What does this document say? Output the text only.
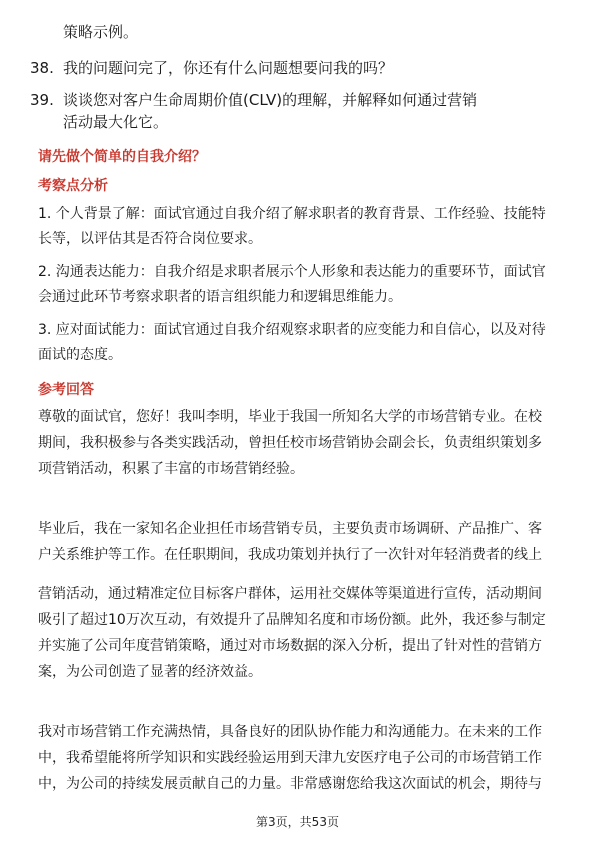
策略示例。
38. 我的问题问完了，你还有什么问题想要问我的吗？
39. 谈谈您对客户生命周期价值(CLV)的理解，并解释如何通过营销
活动最大化它。
请先做个简单的自我介绍？
考察点分析
1. 个人背景了解：面试官通过自我介绍了解求职者的教育背景、工作经验、技能特
长等，以评估其是否符合岗位要求。
2. 沟通表达能力：自我介绍是求职者展示个人形象和表达能力的重要环节，面试官
会通过此环节考察求职者的语言组织能力和逻辑思维能力。
3. 应对面试能力：面试官通过自我介绍观察求职者的应变能力和自信心，以及对待
面试的态度。
参考回答
尊敬的面试官，您好！我叫李明，毕业于我国一所知名大学的市场营销专业。在校
期间，我积极参与各类实践活动，曾担任校市场营销协会副会长，负责组织策划多
项营销活动，积累了丰富的市场营销经验。
毕业后，我在一家知名企业担任市场营销专员，主要负责市场调研、产品推广、客
户关系维护等工作。在任职期间，我成功策划并执行了一次针对年轻消费者的线上
营销活动，通过精准定位目标客户群体，运用社交媒体等渠道进行宣传，活动期间
吸引了超过10万次互动，有效提升了品牌知名度和市场份额。此外，我还参与制定
并实施了公司年度营销策略，通过对市场数据的深入分析，提出了针对性的营销方
案，为公司创造了显著的经济效益。
我对市场营销工作充满热情，具备良好的团队协作能力和沟通能力。在未来的工作
中，我希望能将所学知识和实践经验运用到天津九安医疗电子公司的市场营销工作
中，为公司的持续发展贡献自己的力量。非常感谢您给我这次面试的机会，期待与
第3页，共53页
